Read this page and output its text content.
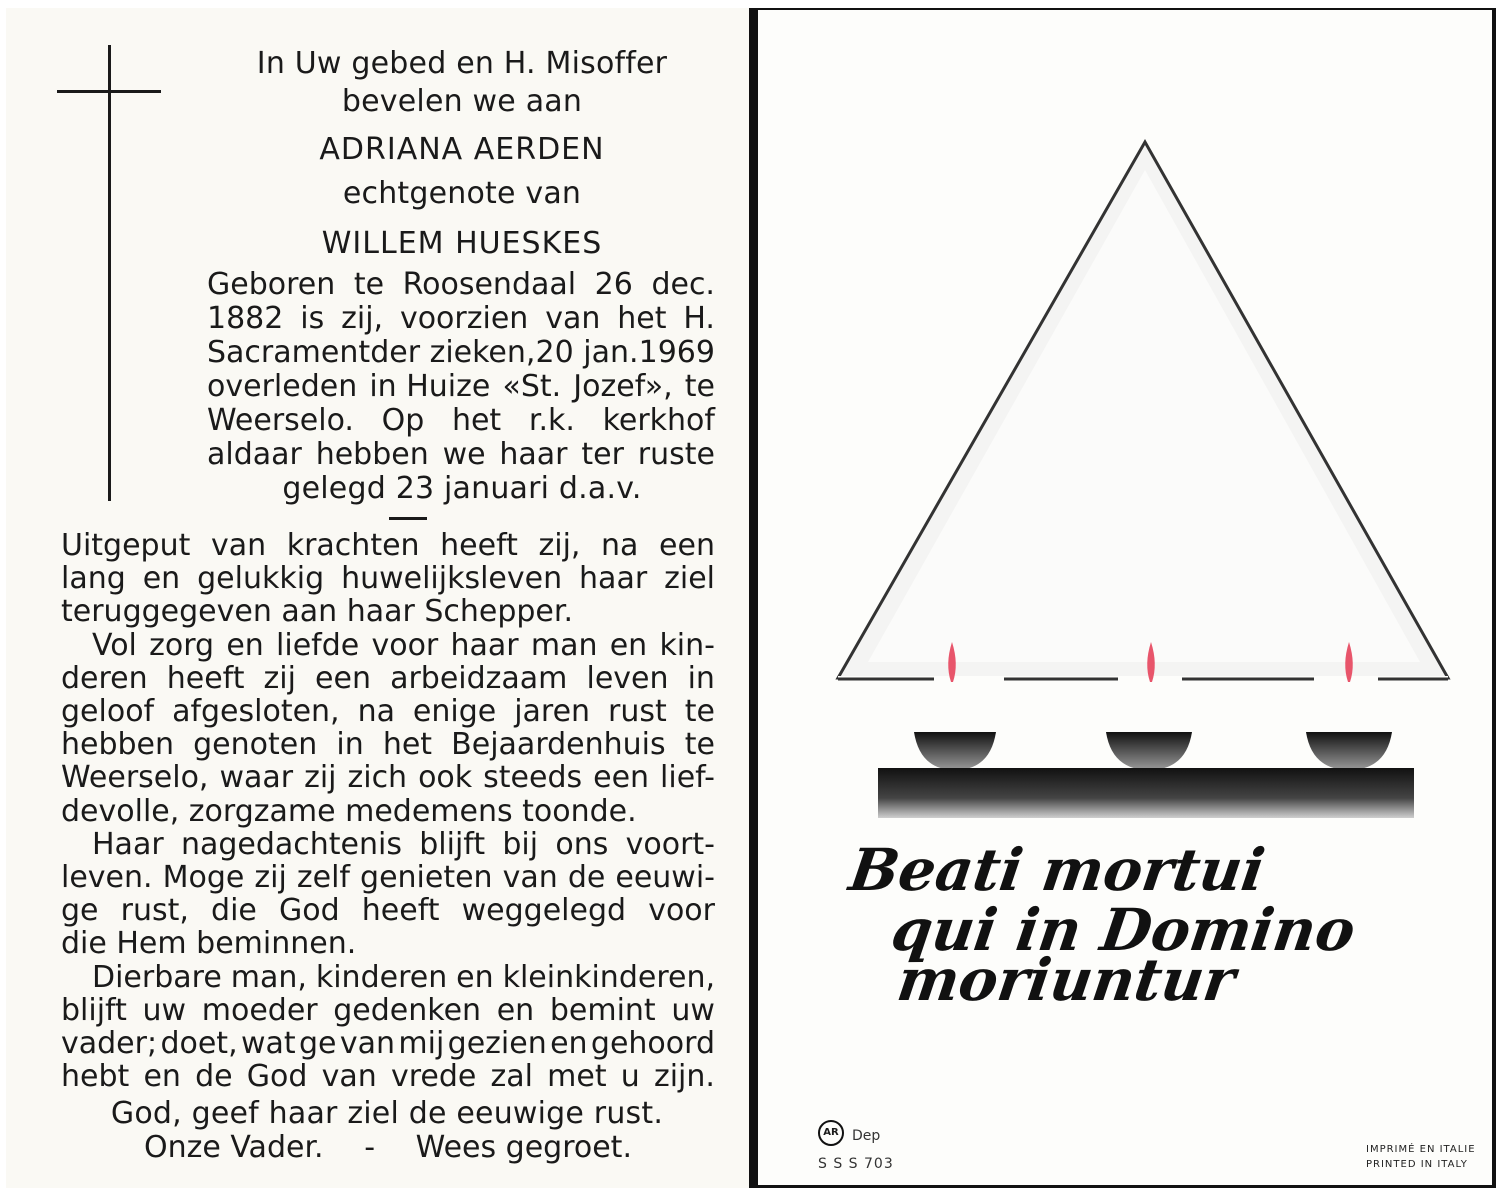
In Uw gebed en H. Misoffer
bevelen we aan
ADRIANA AERDEN
echtgenote van
WILLEM HUESKES
Geboren te Roosendaal 26 dec.
1882 is zij, voorzien van het H.
Sacrament der zieken, 20 jan. 1969
overleden in Huize «St. Jozef», te
Weerselo. Op het r.k. kerkhof
aldaar hebben we haar ter ruste
gelegd 23 januari d.a.v.
Uitgeput van krachten heeft zij, na een
lang en gelukkig huwelijksleven haar ziel
teruggegeven aan haar Schepper.
Vol zorg en liefde voor haar man en kin-
deren heeft zij een arbeidzaam leven in
geloof afgesloten, na enige jaren rust te
hebben genoten in het Bejaardenhuis te
Weerselo, waar zij zich ook steeds een lief-
devolle, zorgzame medemens toonde.
Haar nagedachtenis blijft bij ons voort-
leven. Moge zij zelf genieten van de eeuwi-
ge rust, die God heeft weggelegd voor
die Hem beminnen.
Dierbare man, kinderen en kleinkinderen,
blijft uw moeder gedenken en bemint uw
vader; doet, wat ge van mij gezien en gehoord
hebt en de God van vrede zal met u zijn.
God, geef haar ziel de eeuwige rust.
Onze Vader. - Wees gegroet.
Beati mortui
qui in Domino
moriuntur
AR Dep
S S S 703
IMPRIMÉ EN ITALIE
PRINTED IN ITALY
